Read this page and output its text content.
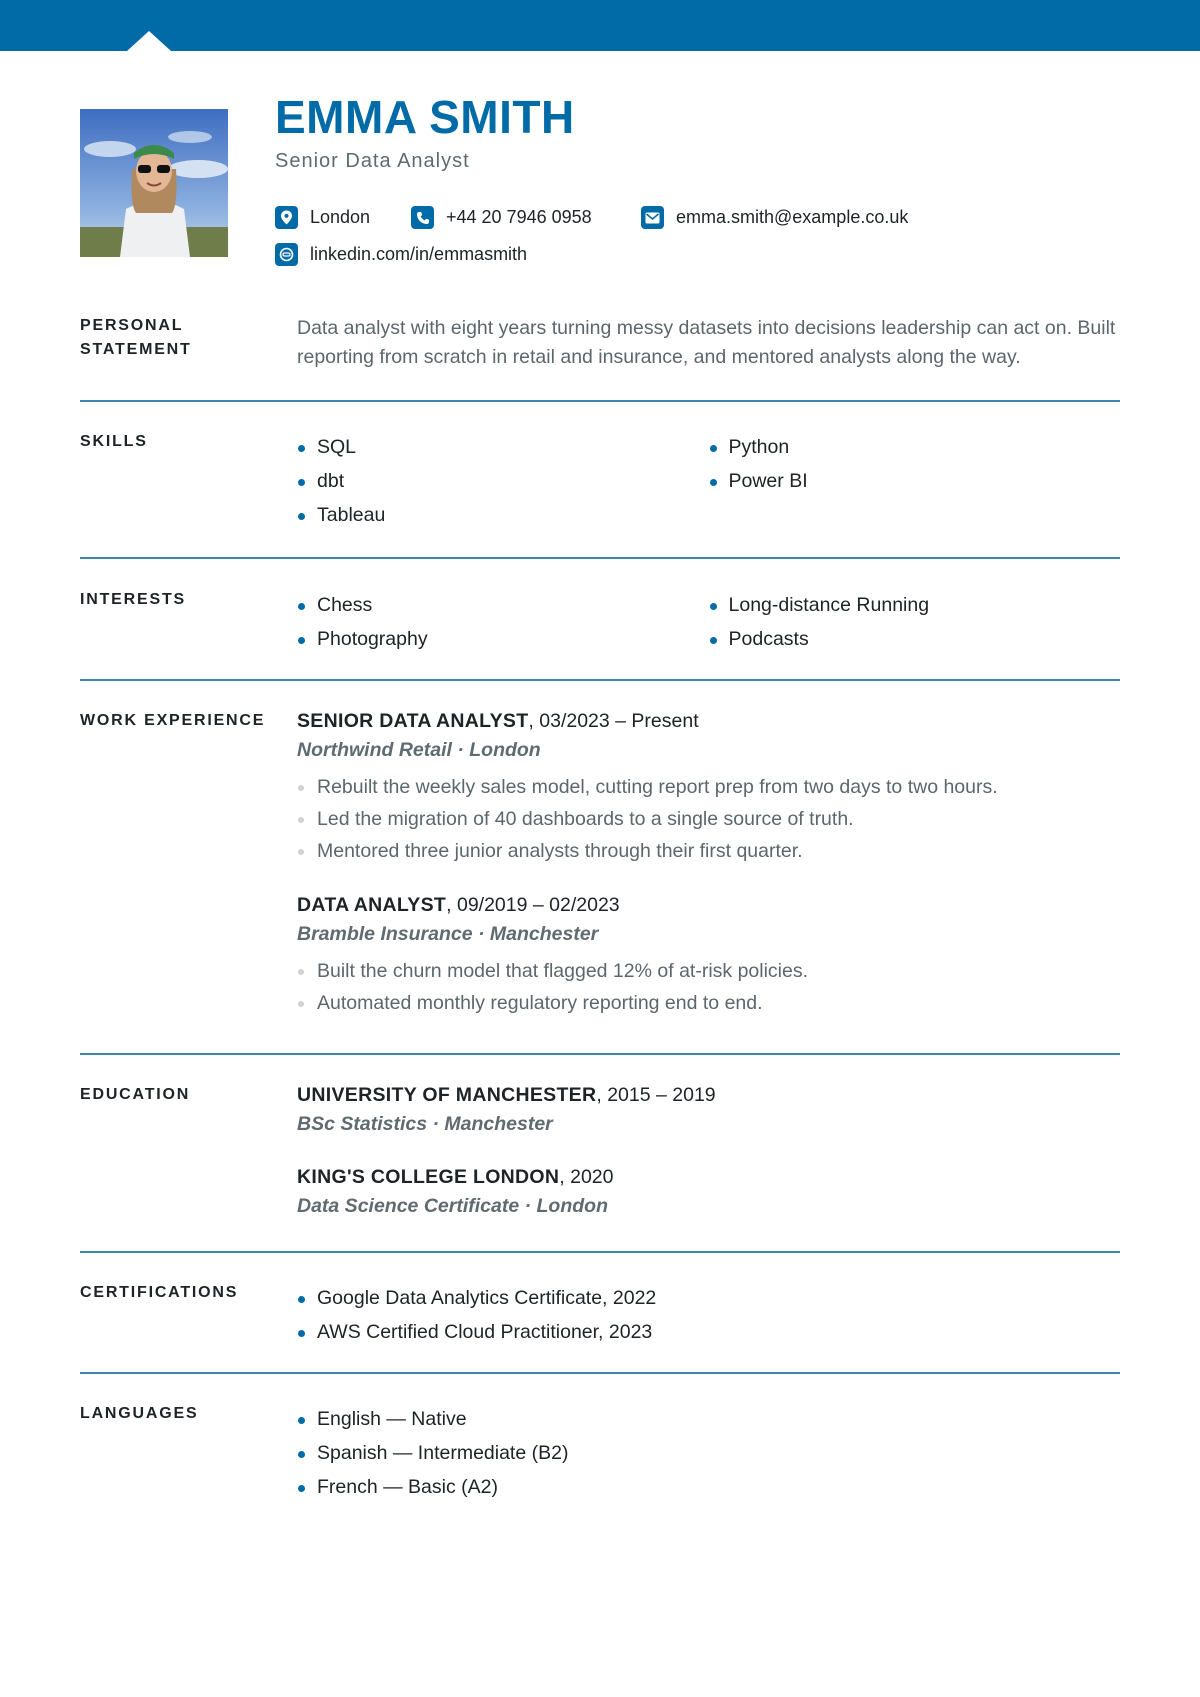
EMMA SMITH
Senior Data Analyst
London	+44 20 7946 0958	emma.smith@example.co.uk
linkedin.com/in/emmasmith
PERSONAL STATEMENT

Data analyst with eight years turning messy datasets into decisions leadership can act on. Built reporting from scratch in retail and insurance, and mentored analysts along the way.

SKILLS	SQL
dbt
Tableau
Python
Power BI
INTERESTS	Chess
Photography
Long-distance Running
Podcasts
WORK EXPERIENCE SENIOR DATA ANALYST, 03/2023 – Present
Northwind Retail · London
Rebuilt the weekly sales model, cutting report prep from two days to two hours.
Led the migration of 40 dashboards to a single source of truth.
Mentored three junior analysts through their first quarter.
DATA ANALYST, 09/2019 – 02/2023
Bramble Insurance · Manchester
Built the churn model that flagged 12% of at-risk policies.
Automated monthly regulatory reporting end to end.
EDUCATION	UNIVERSITY OF MANCHESTER, 2015 – 2019
BSc Statistics · Manchester
KING'S COLLEGE LONDON, 2020
Data Science Certificate · London
CERTIFICATIONS	Google Data Analytics Certificate, 2022
AWS Certified Cloud Practitioner, 2023
LANGUAGES	English — Native
Spanish — Intermediate (B2)
French — Basic (A2)
